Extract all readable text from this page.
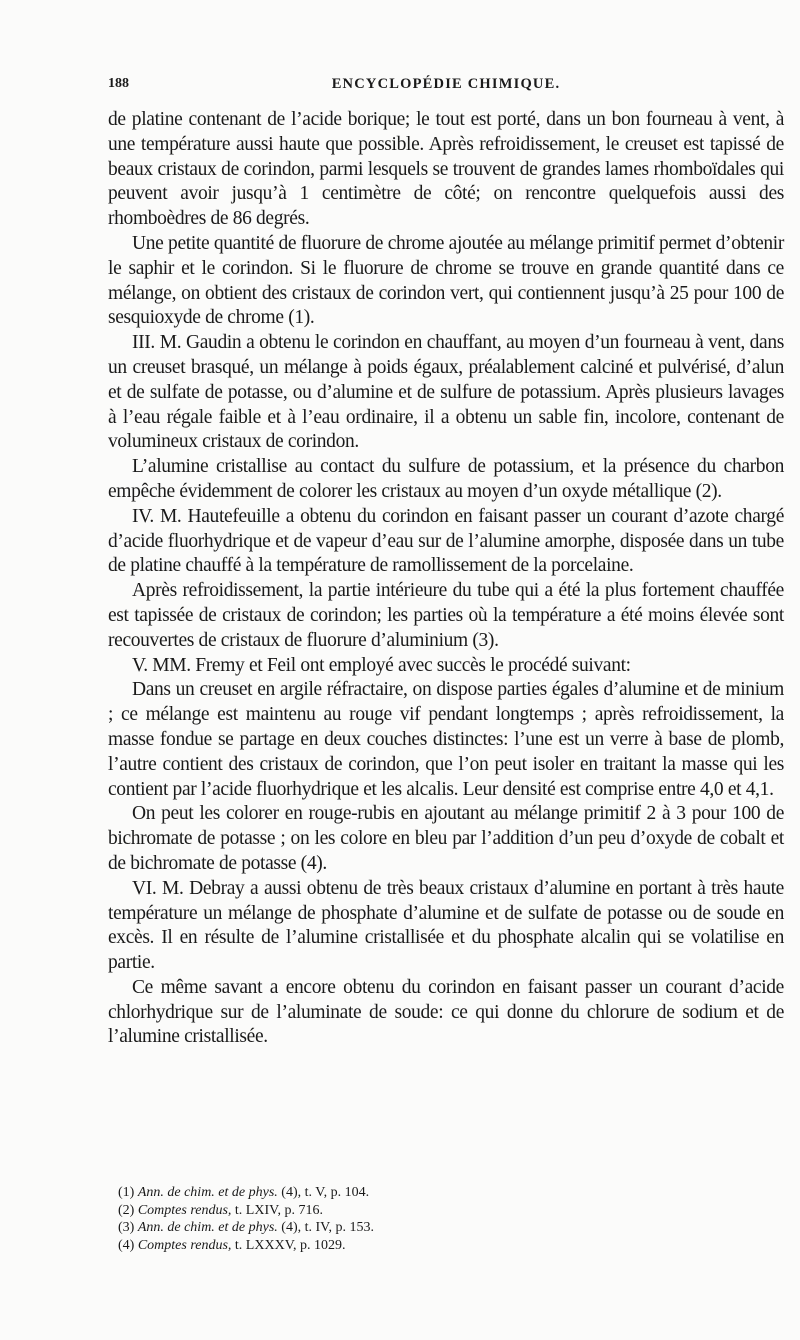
188	ENCYCLOPÉDIE CHIMIQUE.

de platine contenant de l’acide borique; le tout est porté, dans un bon fourneau à vent, à une température aussi haute que possible. Après refroidissement, le creuset est tapissé de beaux cristaux de corindon, parmi lesquels se trouvent de grandes lames rhomboïdales qui peuvent avoir jusqu’à 1 centimètre de côté; on rencontre quelquefois aussi des rhomboèdres de 86 degrés.

Une petite quantité de fluorure de chrome ajoutée au mélange primitif permet d’obtenir le saphir et le corindon. Si le fluorure de chrome se trouve en grande quantité dans ce mélange, on obtient des cristaux de corindon vert, qui contiennent jusqu’à 25 pour 100 de sesquioxyde de chrome (1).

III. M. Gaudin a obtenu le corindon en chauffant, au moyen d’un fourneau à vent, dans un creuset brasqué, un mélange à poids égaux, préalablement calciné et pulvérisé, d’alun et de sulfate de potasse, ou d’alumine et de sulfure de potassium. Après plusieurs lavages à l’eau régale faible et à l’eau ordinaire, il a obtenu un sable fin, incolore, contenant de volumineux cristaux de corindon.

L’alumine cristallise au contact du sulfure de potassium, et la présence du charbon empêche évidemment de colorer les cristaux au moyen d’un oxyde métallique (2).

IV. M. Hautefeuille a obtenu du corindon en faisant passer un courant d’azote chargé d’acide fluorhydrique et de vapeur d’eau sur de l’alumine amorphe, disposée dans un tube de platine chauffé à la température de ramollissement de la porcelaine.

Après refroidissement, la partie intérieure du tube qui a été la plus fortement chauffée est tapissée de cristaux de corindon; les parties où la température a été moins élevée sont recouvertes de cristaux de fluorure d’aluminium (3).

V. MM. Fremy et Feil ont employé avec succès le procédé suivant:

Dans un creuset en argile réfractaire, on dispose parties égales d’alumine et de minium ; ce mélange est maintenu au rouge vif pendant longtemps ; après refroidissement, la masse fondue se partage en deux couches distinctes: l’une est un verre à base de plomb, l’autre contient des cristaux de corindon, que l’on peut isoler en traitant la masse qui les contient par l’acide fluorhydrique et les alcalis. Leur densité est comprise entre 4,0 et 4,1.

On peut les colorer en rouge-rubis en ajoutant au mélange primitif 2 à 3 pour 100 de bichromate de potasse ; on les colore en bleu par l’addition d’un peu d’oxyde de cobalt et de bichromate de potasse (4).

VI. M. Debray a aussi obtenu de très beaux cristaux d’alumine en portant à très haute température un mélange de phosphate d’alumine et de sulfate de potasse ou de soude en excès. Il en résulte de l’alumine cristallisée et du phosphate alcalin qui se volatilise en partie.

Ce même savant a encore obtenu du corindon en faisant passer un courant d’acide chlorhydrique sur de l’aluminate de soude: ce qui donne du chlorure de sodium et de l’alumine cristallisée.

(1) Ann. de chim. et de phys. (4), t. V, p. 104.
(2) Comptes rendus, t. LXIV, p. 716.
(3) Ann. de chim. et de phys. (4), t. IV, p. 153.
(4) Comptes rendus, t. LXXXV, p. 1029.
